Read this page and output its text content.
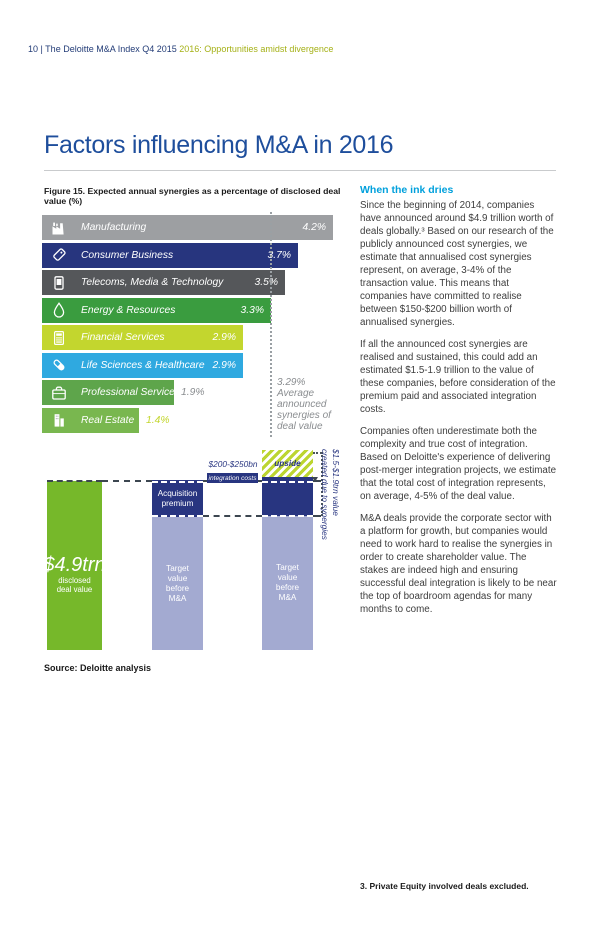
10 | The Deloitte M&A Index Q4 2015 2016: Opportunities amidst divergence
Factors influencing M&A in 2016
Figure 15. Expected annual synergies as a percentage of disclosed deal value (%)
Manufacturing	4.2%
Consumer Business	3.7%
Telecoms, Media & Technology	3.5%
Energy & Resources	3.3%
Financial Services	2.9%
Life Sciences & Healthcare 2.9%
Professional Services 1.9%
Real Estate 1.4%
3.29%
Average
announced
synergies of
deal value
$4.9trn
disclosed
deal value
Acquisition premium
Target value before M&A
upside
Target value before M&A
$200-$250bn
integration costs	$1.5-$1.9trn value
created due to synergies
Source: Deloitte analysis
3. Private Equity involved deals excluded.
When the ink dries

Since the beginning of 2014, companies have announced around $4.9 trillion worth of deals globally.³ Based on our research of the publicly announced cost synergies, we estimate that annualised cost synergies represent, on average, 3-4% of the transaction value. This means that companies have committed to realise between $150-$200 billion worth of annualised synergies.

If all the announced cost synergies are realised and sustained, this could add an estimated $1.5-1.9 trillion to the value of these companies, before consideration of the premium paid and associated integration costs.

Companies often underestimate both the complexity and true cost of integration. Based on Deloitte's experience of delivering post-merger integration projects, we estimate that the total cost of integration represents, on average, 4-5% of the deal value.

M&A deals provide the corporate sector with a platform for growth, but companies would need to work hard to realise the synergies in order to create shareholder value. The stakes are indeed high and ensuring successful deal integration is likely to be near the top of boardroom agendas for many months to come.
